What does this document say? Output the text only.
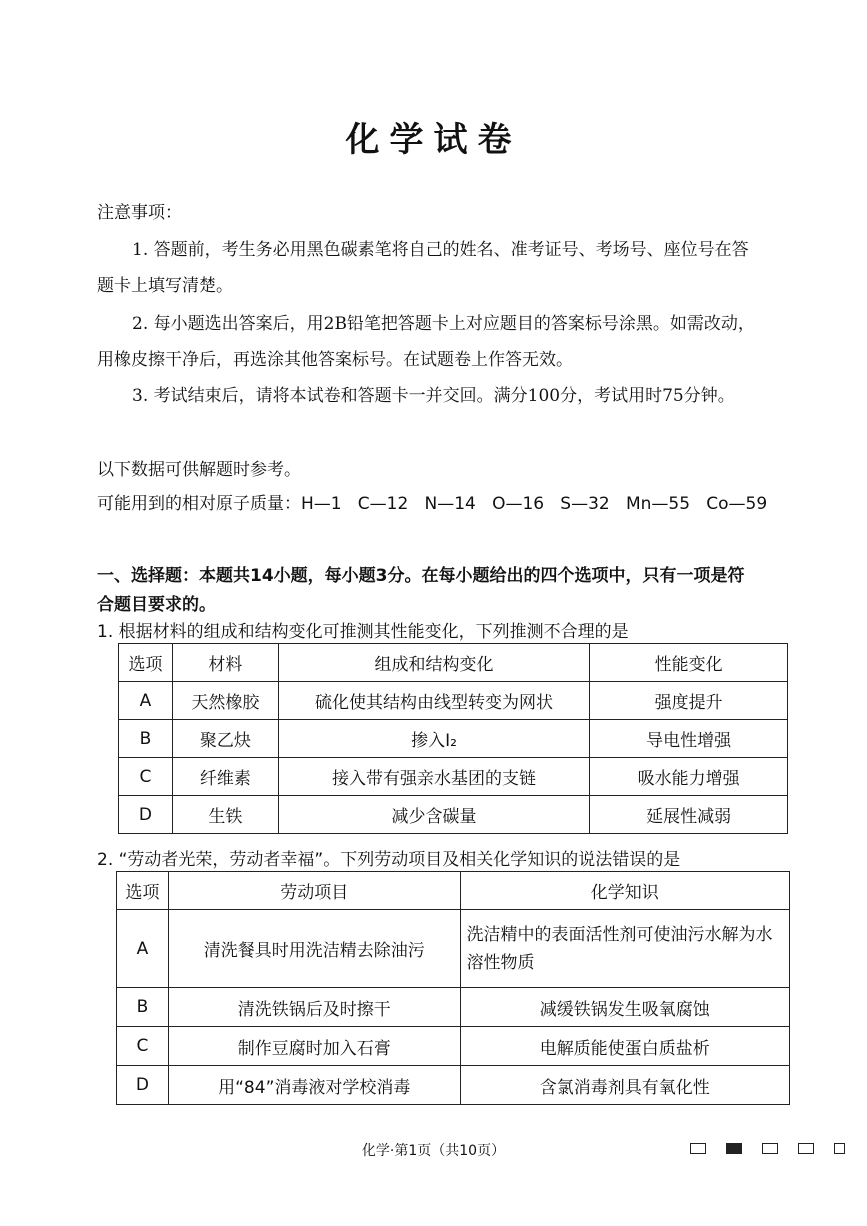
化学试卷
注意事项：
1. 答题前，考生务必用黑色碳素笔将自己的姓名、准考证号、考场号、座位号在答
题卡上填写清楚。
2. 每小题选出答案后，用2B铅笔把答题卡上对应题目的答案标号涂黑。如需改动，
用橡皮擦干净后，再选涂其他答案标号。在试题卷上作答无效。
3. 考试结束后，请将本试卷和答题卡一并交回。满分100分，考试用时75分钟。
以下数据可供解题时参考。
可能用到的相对原子质量：H—1   C—12   N—14   O—16   S—32   Mn—55   Co—59
一、选择题：本题共14小题，每小题3分。在每小题给出的四个选项中，只有一项是符
合题目要求的。
1. 根据材料的组成和结构变化可推测其性能变化，下列推测不合理的是
选项	材料	组成和结构变化	性能变化
A	天然橡胶	硫化使其结构由线型转变为网状	强度提升
B	聚乙炔	掺入I₂	导电性增强
C	纤维素	接入带有强亲水基团的支链	吸水能力增强
D	生铁	减少含碳量	延展性减弱
2. “劳动者光荣，劳动者幸福”。下列劳动项目及相关化学知识的说法错误的是
选项	劳动项目	化学知识
A	清洗餐具时用洗洁精去除油污	洗洁精中的表面活性剂可使油污水解为水溶性物质
B	清洗铁锅后及时擦干	减缓铁锅发生吸氧腐蚀
C	制作豆腐时加入石膏	电解质能使蛋白质盐析
D	用“84”消毒液对学校消毒	含氯消毒剂具有氧化性
化学·第1页（共10页）
